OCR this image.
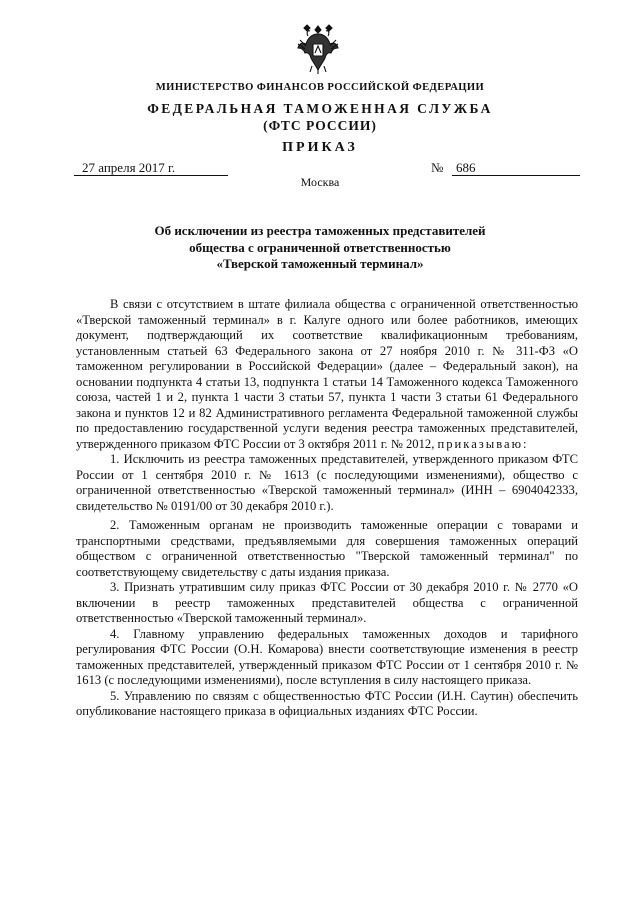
МИНИСТЕРСТВО ФИНАНСОВ РОССИЙСКОЙ ФЕДЕРАЦИИ

ФЕДЕРАЛЬНАЯ ТАМОЖЕННАЯ СЛУЖБА

(ФТС РОССИИ)

ПРИКАЗ

27 апреля 2017 г.	№ 686

Москва

Об исключении из реестра таможенных представителей
общества с ограниченной ответственностью
«Тверской таможенный терминал»

В связи с отсутствием в штате филиала общества с ограниченной ответственностью «Тверской таможенный терминал» в г. Калуге одного или более работников, имеющих документ, подтверждающий их соответствие квалификационным требованиям, установленным статьей 63 Федерального закона от 27 ноября 2010 г. № 311-ФЗ «О таможенном регулировании в Российской Федерации» (далее – Федеральный закон), на основании подпункта 4 статьи 13, подпункта 1 статьи 14 Таможенного кодекса Таможенного союза, частей 1 и 2, пункта 1 части 3 статьи 57, пункта 1 части 3 статьи 61 Федерального закона и пунктов 12 и 82 Административного регламента Федеральной таможенной службы по предоставлению государственной услуги ведения реестра таможенных представителей, утвержденного приказом ФТС России от 3 октября 2011 г. № 2012, приказываю:

1. Исключить из реестра таможенных представителей, утвержденного приказом ФТС России от 1 сентября 2010 г. № 1613 (с последующими изменениями), общество с ограниченной ответственностью «Тверской таможенный терминал» (ИНН – 6904042333, свидетельство № 0191/00 от 30 декабря 2010 г.).

2. Таможенным органам не производить таможенные операции с товарами и транспортными средствами, предъявляемыми для совершения таможенных операций обществом с ограниченной ответственностью "Тверской таможенный терминал" по соответствующему свидетельству с даты издания приказа.

3. Признать утратившим силу приказ ФТС России от 30 декабря 2010 г. № 2770 «О включении в реестр таможенных представителей общества с ограниченной ответственностью «Тверской таможенный терминал».

4. Главному управлению федеральных таможенных доходов и тарифного регулирования ФТС России (О.Н. Комарова) внести соответствующие изменения в реестр таможенных представителей, утвержденный приказом ФТС России от 1 сентября 2010 г. № 1613 (с последующими изменениями), после вступления в силу настоящего приказа.

5. Управлению по связям с общественностью ФТС России (И.Н. Саутин) обеспечить опубликование настоящего приказа в официальных изданиях ФТС России.
